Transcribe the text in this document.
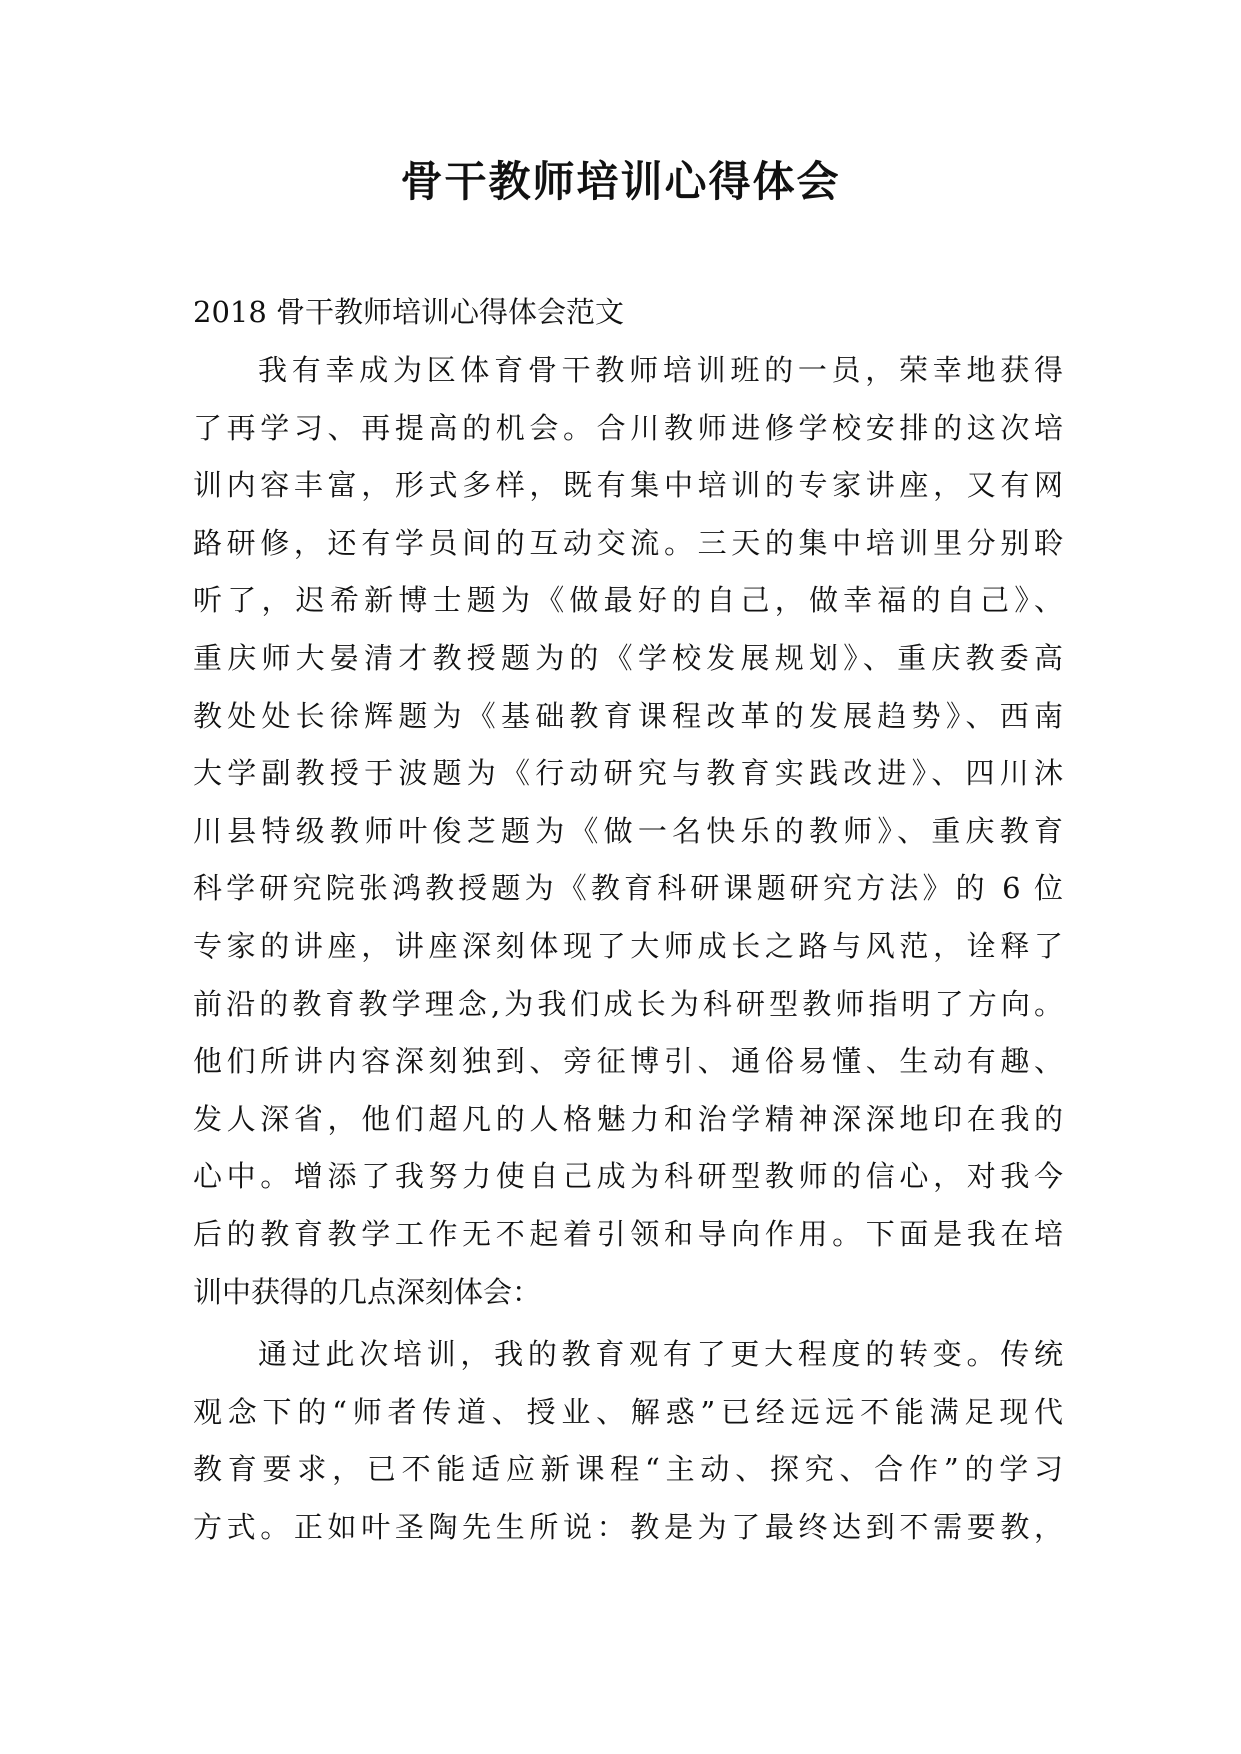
骨干教师培训心得体会

2018 骨干教师培训心得体会范文

我有幸成为区体育骨干教师培训班的一员，荣幸地获得

了再学习、再提高的机会。合川教师进修学校安排的这次培

训内容丰富，形式多样，既有集中培训的专家讲座，又有网

路研修，还有学员间的互动交流。三天的集中培训里分别聆

听了，迟希新博士题为《做最好的自己，做幸福的自己》、

重庆师大晏清才教授题为的《学校发展规划》、重庆教委高

教处处长徐辉题为《基础教育课程改革的发展趋势》、西南

大学副教授于波题为《行动研究与教育实践改进》、四川沐

川县特级教师叶俊芝题为《做一名快乐的教师》、重庆教育

科学研究院张鸿教授题为《教育科研课题研究方法》的 6 位

专家的讲座，讲座深刻体现了大师成长之路与风范，诠释了

前沿的教育教学理念,为我们成长为科研型教师指明了方向。

他们所讲内容深刻独到、旁征博引、通俗易懂、生动有趣、

发人深省，他们超凡的人格魅力和治学精神深深地印在我的

心中。增添了我努力使自己成为科研型教师的信心，对我今

后的教育教学工作无不起着引领和导向作用。下面是我在培

训中获得的几点深刻体会：

通过此次培训，我的教育观有了更大程度的转变。传统

观念下的“师者传道、授业、解惑”已经远远不能满足现代

教育要求，已不能适应新课程“主动、探究、合作”的学习

方式。正如叶圣陶先生所说：教是为了最终达到不需要教，
